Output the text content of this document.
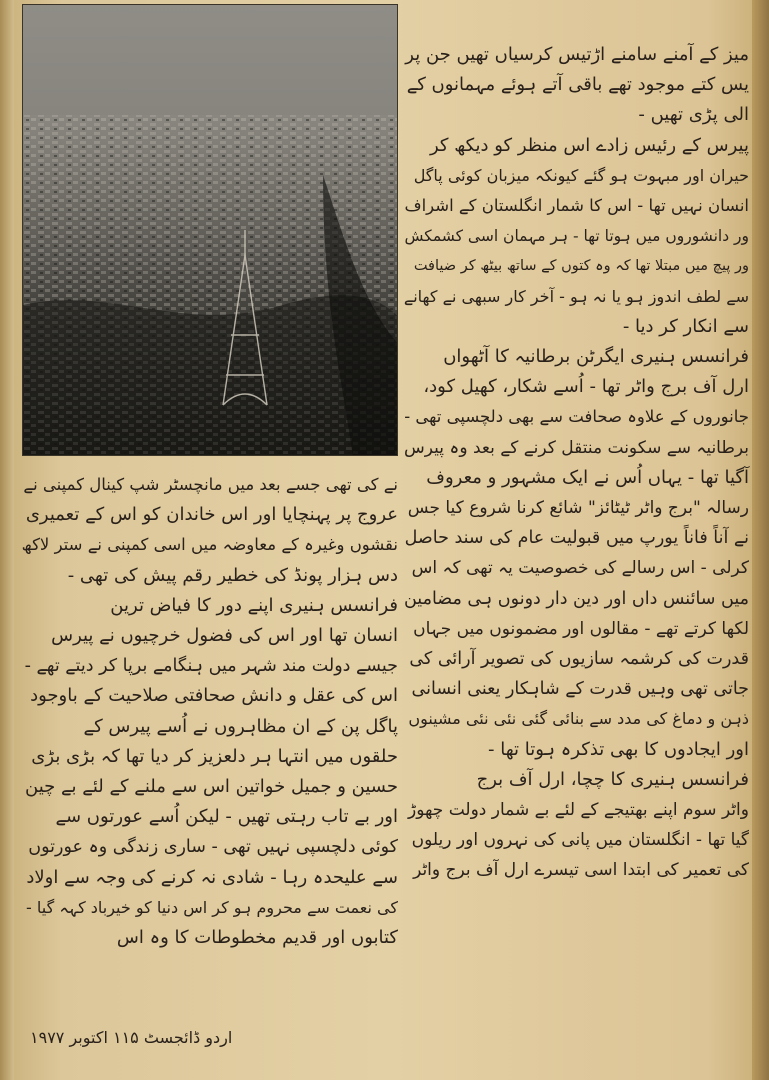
میز کے آمنے سامنے اڑتیس کرسیاں تھیں جن پر

یس کتے موجود تھے باقی آتے ہوئے مہمانوں کے

الی پڑی تھیں -

پیرس کے رئیس زادے اس منظر کو دیکھ کر

حیران اور مبہوت ہو گئے کیونکہ میزبان کوئی پاگل

انسان نہیں تھا - اس کا شمار انگلستان کے اشراف

ور دانشوروں میں ہوتا تھا - ہر مہمان اسی کشمکش

ور پیچ میں مبتلا تھا کہ وہ کتوں کے ساتھ بیٹھ کر ضیافت

سے لطف اندوز ہو یا نہ ہو - آخر کار سبھی نے کھانے

سے انکار کر دیا -

فرانسس ہنیری ایگرٹن برطانیہ کا آٹھواں

ارل آف برج واٹر تھا - اُسے شکار، کھیل کود،

جانوروں کے علاوہ صحافت سے بھی دلچسپی تھی -

برطانیہ سے سکونت منتقل کرنے کے بعد وہ پیرس

آگیا تھا - یہاں اُس نے ایک مشہور و معروف

رسالہ "برج واٹر ٹیٹائز" شائع کرنا شروع کیا جس

نے آناً فاناً یورپ میں قبولیت عام کی سند حاصل

کرلی - اس رسالے کی خصوصیت یہ تھی کہ اس

میں سائنس داں اور دین دار دونوں ہی مضامین

لکھا کرتے تھے - مقالوں اور مضمونوں میں جہاں

قدرت کی کرشمہ سازیوں کی تصویر آرائی کی

جاتی تھی وہیں قدرت کے شاہکار یعنی انسانی

ذہن و دماغ کی مدد سے بنائی گئی نئی نئی مشینوں

اور ایجادوں کا بھی تذکرہ ہوتا تھا -

فرانسس ہنیری کا چچا، ارل آف برج

واٹر سوم اپنے بھتیجے کے لئے بے شمار دولت چھوڑ

گیا تھا - انگلستان میں پانی کی نہروں اور ریلوں

کی تعمیر کی ابتدا اسی تیسرے ارل آف برج واٹر

نے کی تھی جسے بعد میں مانچسٹر شپ کینال کمپنی نے

عروج پر پہنچایا اور اس خاندان کو اس کے تعمیری

نقشوں وغیرہ کے معاوضہ میں اسی کمپنی نے ستر لاکھ

دس ہزار پونڈ کی خطیر رقم پیش کی تھی -

فرانسس ہنیری اپنے دور کا فیاض ترین

انسان تھا اور اس کی فضول خرچیوں نے پیرس

جیسے دولت مند شہر میں ہنگامے برپا کر دیتے تھے -

اس کی عقل و دانش صحافتی صلاحیت کے باوجود

پاگل پن کے ان مظاہروں نے اُسے پیرس کے

حلقوں میں انتہا ہر دلعزیز کر دیا تھا کہ بڑی بڑی

حسین و جمیل خواتین اس سے ملنے کے لئے بے چین

اور بے تاب رہتی تھیں - لیکن اُسے عورتوں سے

کوئی دلچسپی نہیں تھی - ساری زندگی وہ عورتوں

سے علیحدہ رہا - شادی نہ کرنے کی وجہ سے اولاد

کی نعمت سے محروم ہو کر اس دنیا کو خیرباد کہہ گیا -

کتابوں اور قدیم مخطوطات کا وہ اس

اردو ڈائجسٹ ۱۱۵ اکتوبر ۱۹۷۷
